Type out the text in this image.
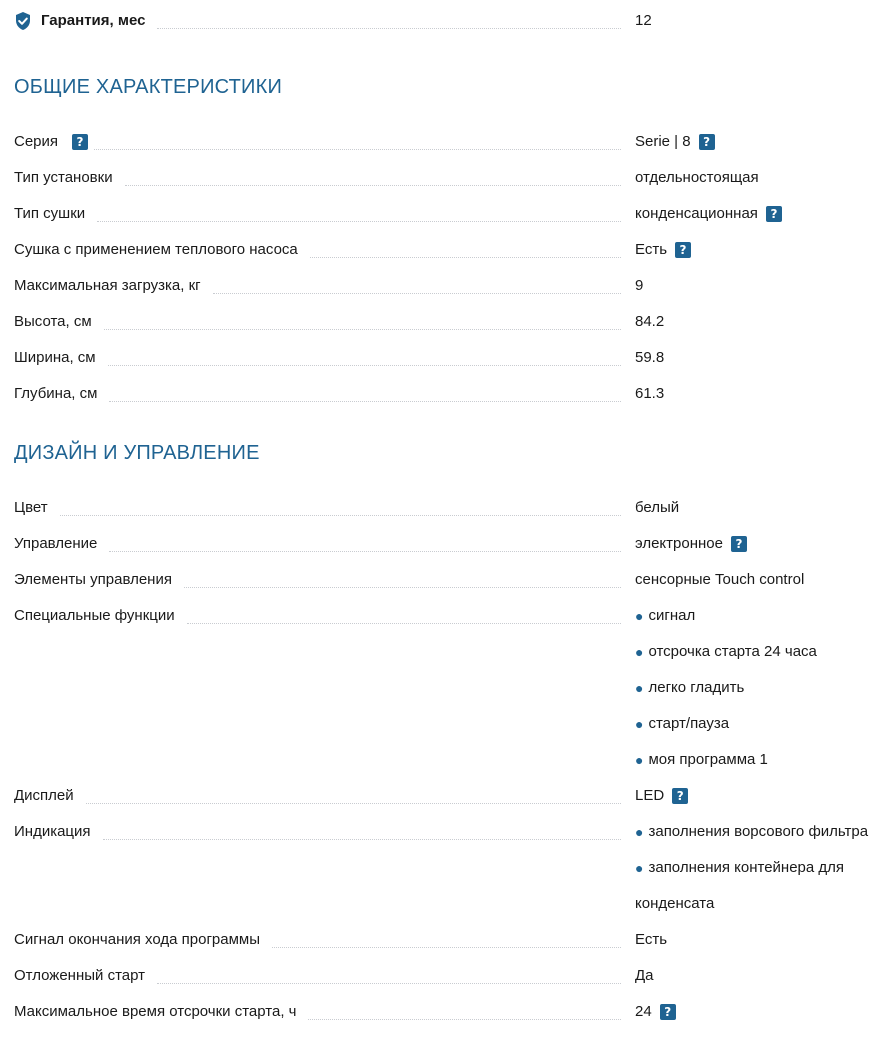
Гарантия, мес	12
ОБЩИЕ ХАРАКТЕРИСТИКИ
Серия	?	Serie | 8	?
Тип установки	отдельностоящая
Тип сушки	конденсационная	?
Сушка с применением теплового насоса	Есть	?
Максимальная загрузка, кг	9
Высота, см	84.2
Ширина, см	59.8
Глубина, см	61.3
ДИЗАЙН И УПРАВЛЕНИЕ
Цвет	белый
Управление	электронное	?
Элементы управления	сенсорные Touch control
Специальные функции	● сигнал
● отсрочка старта 24 часа
● легко гладить
● старт/пауза
● моя программа 1
Дисплей	LED	?
Индикация	● заполнения ворсового фильтра
● заполнения контейнера для
конденсата
Сигнал окончания хода программы	Есть
Отложенный старт	Да
Максимальное время отсрочки старта, ч	24	?
